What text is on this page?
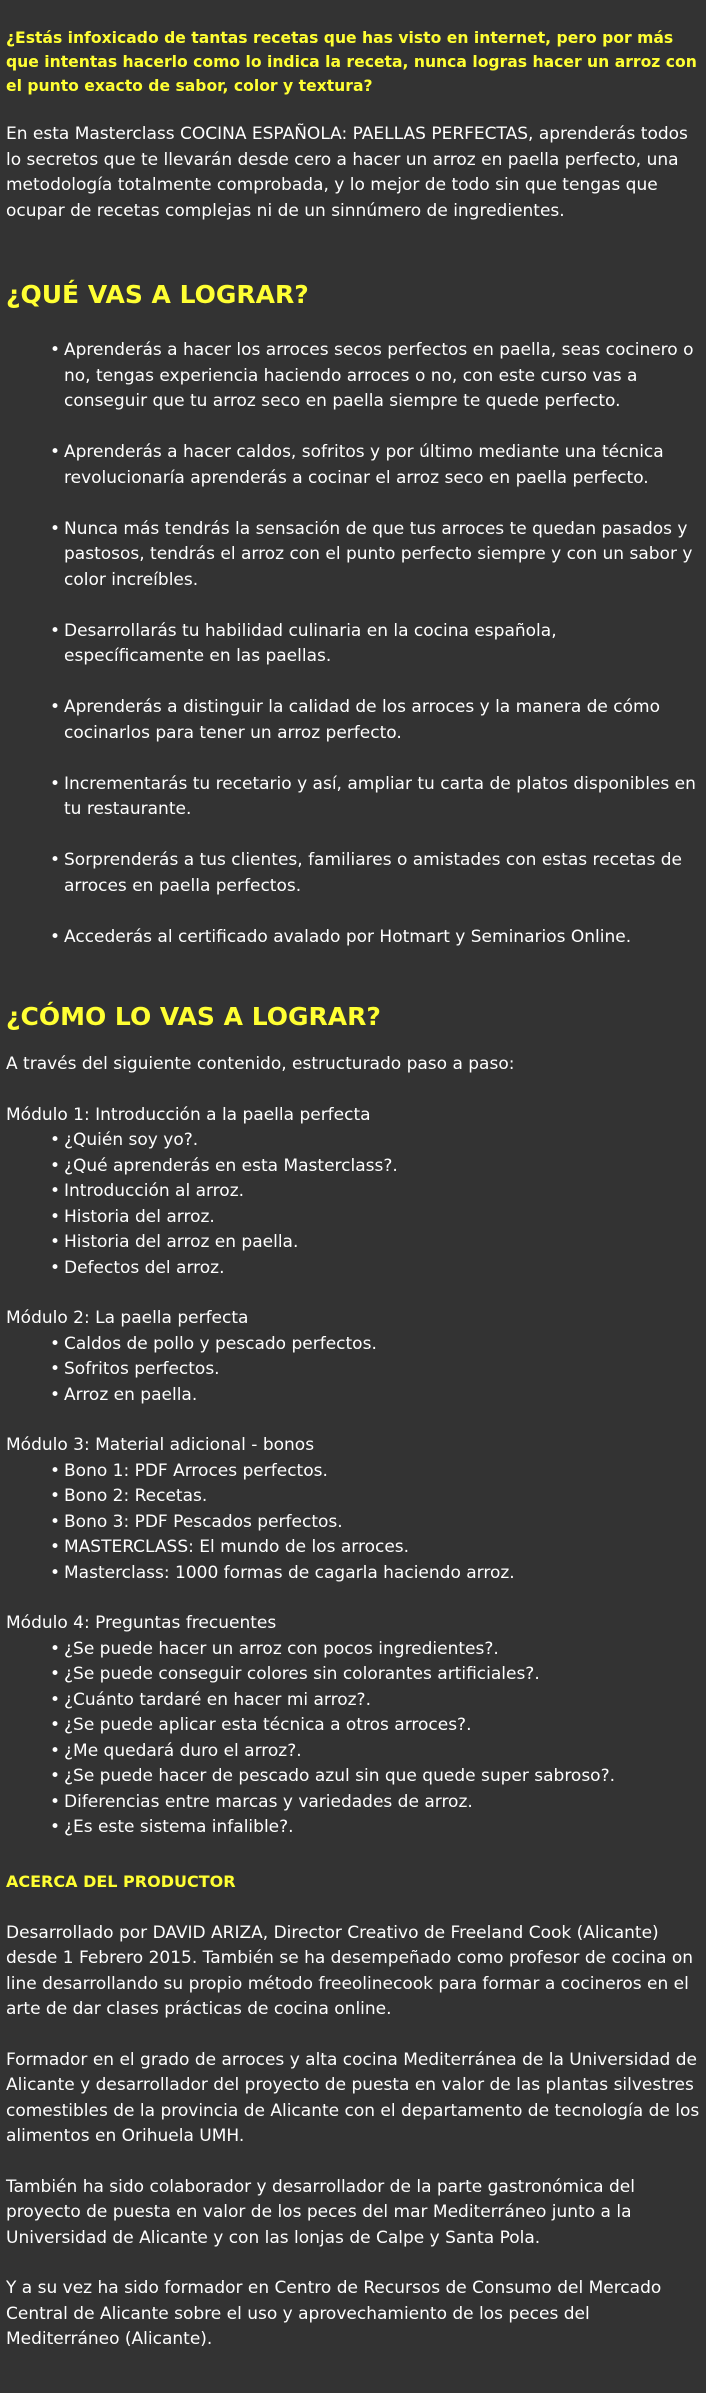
¿Estás infoxicado de tantas recetas que has visto en internet, pero por más que intentas hacerlo como lo indica la receta, nunca logras hacer un arroz con el punto exacto de sabor, color y textura?

En esta Masterclass COCINA ESPAÑOLA: PAELLAS PERFECTAS, aprenderás todos lo secretos que te llevarán desde cero a hacer un arroz en paella perfecto, una metodología totalmente comprobada, y lo mejor de todo sin que tengas que ocupar de recetas complejas ni de un sinnúmero de ingredientes.

¿QUÉ VAS A LOGRAR?
• Aprenderás a hacer los arroces secos perfectos en paella, seas cocinero o no, tengas experiencia haciendo arroces o no, con este curso vas a conseguir que tu arroz seco en paella siempre te quede perfecto.
• Aprenderás a hacer caldos, sofritos y por último mediante una técnica revolucionaría aprenderás a cocinar el arroz seco en paella perfecto.
• Nunca más tendrás la sensación de que tus arroces te quedan pasados y pastosos, tendrás el arroz con el punto perfecto siempre y con un sabor y color increíbles.
• Desarrollarás tu habilidad culinaria en la cocina española, específicamente en las paellas.
• Aprenderás a distinguir la calidad de los arroces y la manera de cómo cocinarlos para tener un arroz perfecto.
• Incrementarás tu recetario y así, ampliar tu carta de platos disponibles en tu restaurante.
• Sorprenderás a tus clientes, familiares o amistades con estas recetas de arroces en paella perfectos.
• Accederás al certificado avalado por Hotmart y Seminarios Online.
¿CÓMO LO VAS A LOGRAR?

A través del siguiente contenido, estructurado paso a paso:

Módulo 1: Introducción a la paella perfecta

• ¿Quién soy yo?.
• ¿Qué aprenderás en esta Masterclass?.
• Introducción al arroz.
• Historia del arroz.
• Historia del arroz en paella.
• Defectos del arroz.

Módulo 2: La paella perfecta

• Caldos de pollo y pescado perfectos.
• Sofritos perfectos.
• Arroz en paella.

Módulo 3: Material adicional - bonos

• Bono 1: PDF Arroces perfectos.
• Bono 2: Recetas.
• Bono 3: PDF Pescados perfectos.
• MASTERCLASS: El mundo de los arroces.
• Masterclass: 1000 formas de cagarla haciendo arroz.

Módulo 4: Preguntas frecuentes

• ¿Se puede hacer un arroz con pocos ingredientes?.
• ¿Se puede conseguir colores sin colorantes artificiales?.
• ¿Cuánto tardaré en hacer mi arroz?.
• ¿Se puede aplicar esta técnica a otros arroces?.
• ¿Me quedará duro el arroz?.
• ¿Se puede hacer de pescado azul sin que quede super sabroso?.
• Diferencias entre marcas y variedades de arroz.
• ¿Es este sistema infalible?.
ACERCA DEL PRODUCTOR

Desarrollado por DAVID ARIZA, Director Creativo de Freeland Cook (Alicante) desde 1 Febrero 2015. También se ha desempeñado como profesor de cocina on line desarrollando su propio método freeolinecook para formar a cocineros en el arte de dar clases prácticas de cocina online.

Formador en el grado de arroces y alta cocina Mediterránea de la Universidad de Alicante y desarrollador del proyecto de puesta en valor de las plantas silvestres comestibles de la provincia de Alicante con el departamento de tecnología de los alimentos en Orihuela UMH.

También ha sido colaborador y desarrollador de la parte gastronómica del proyecto de puesta en valor de los peces del mar Mediterráneo junto a la Universidad de Alicante y con las lonjas de Calpe y Santa Pola.

Y a su vez ha sido formador en Centro de Recursos de Consumo del Mercado Central de Alicante sobre el uso y aprovechamiento de los peces del Mediterráneo (Alicante).
